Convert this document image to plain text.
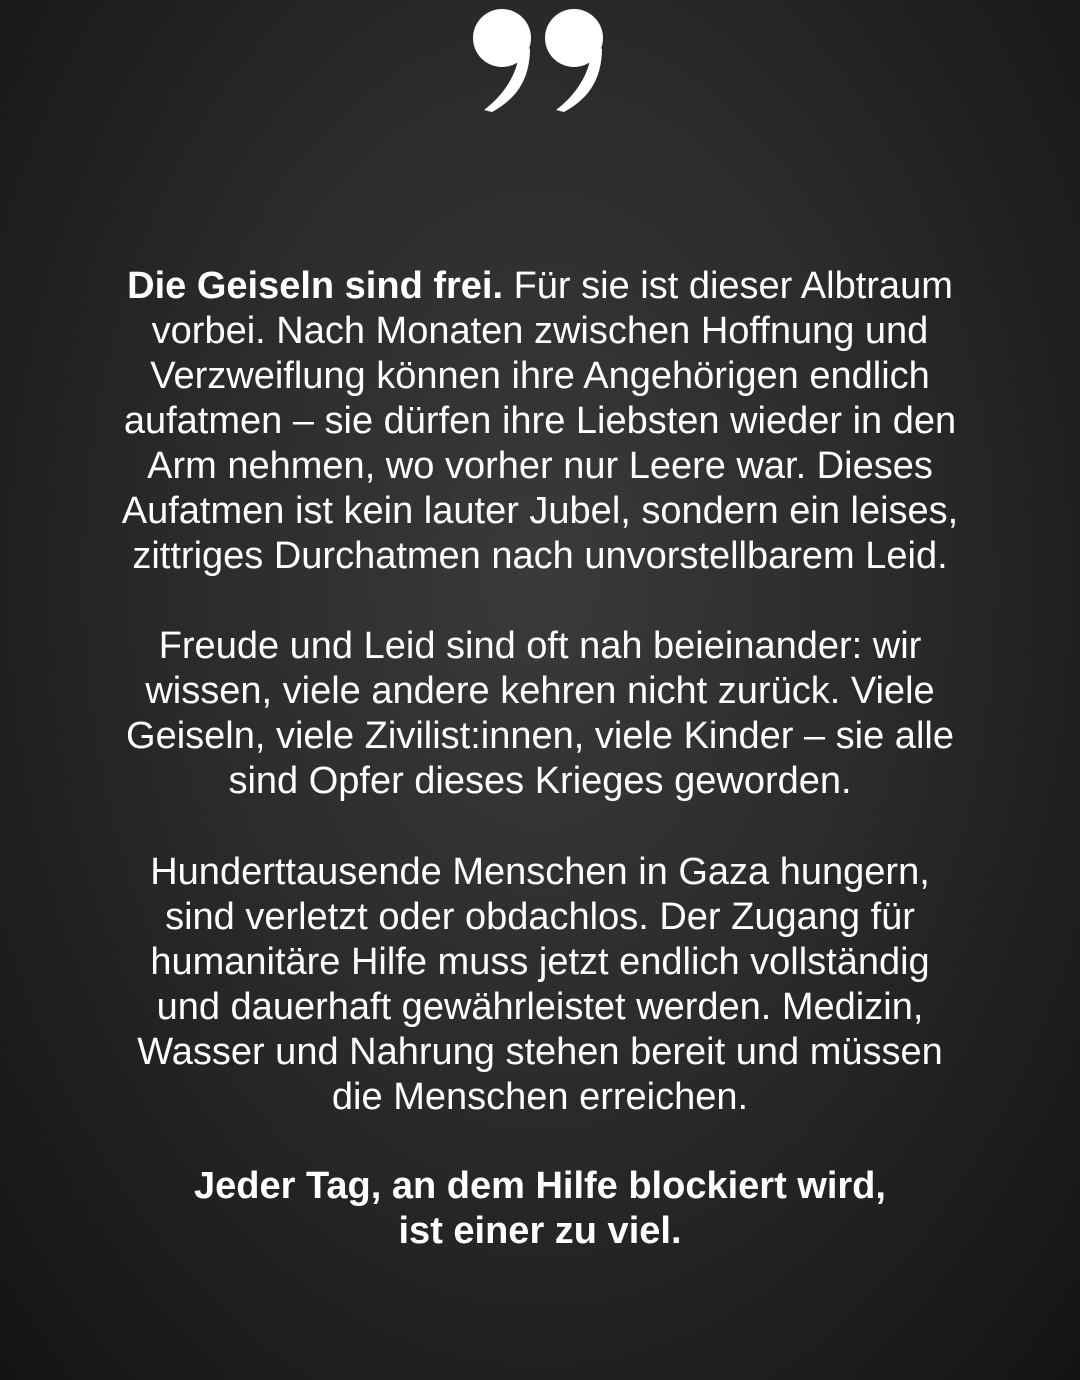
Die Geiseln sind frei. Für sie ist dieser Albtraum
vorbei. Nach Monaten zwischen Hoffnung und
Verzweiflung können ihre Angehörigen endlich
aufatmen – sie dürfen ihre Liebsten wieder in den
Arm nehmen, wo vorher nur Leere war. Dieses
Aufatmen ist kein lauter Jubel, sondern ein leises,
zittriges Durchatmen nach unvorstellbarem Leid.
Freude und Leid sind oft nah beieinander: wir
wissen, viele andere kehren nicht zurück. Viele
Geiseln, viele Zivilist:innen, viele Kinder – sie alle
sind Opfer dieses Krieges geworden.
Hunderttausende Menschen in Gaza hungern,
sind verletzt oder obdachlos. Der Zugang für
humanitäre Hilfe muss jetzt endlich vollständig
und dauerhaft gewährleistet werden. Medizin,
Wasser und Nahrung stehen bereit und müssen
die Menschen erreichen.
Jeder Tag, an dem Hilfe blockiert wird,
ist einer zu viel.
